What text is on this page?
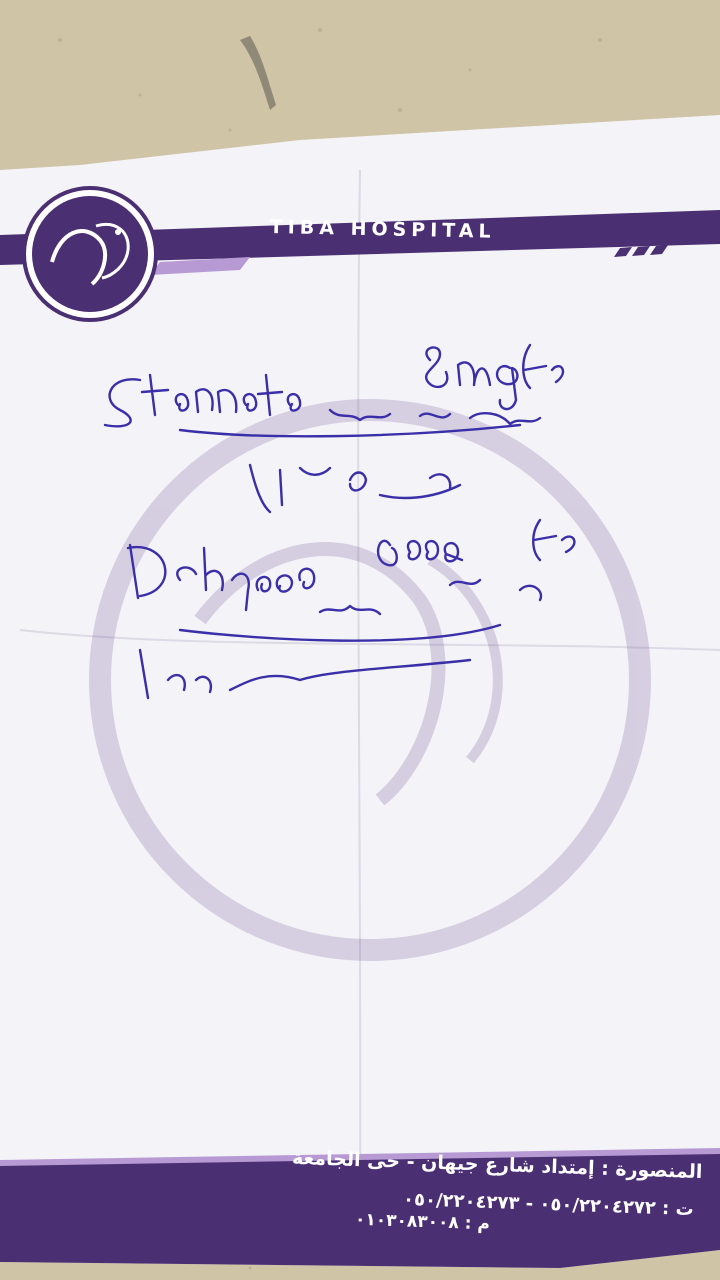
TIBA HOSPITAL
المنصورة : إمتداد شارع جيهان - حى الجامعة
ت : ٠٥٠/٢٢٠٤٢٧٢ - ٠٥٠/٢٢٠٤٢٧٣
م : ٠١٠٣٠٨٣٠٠٨
